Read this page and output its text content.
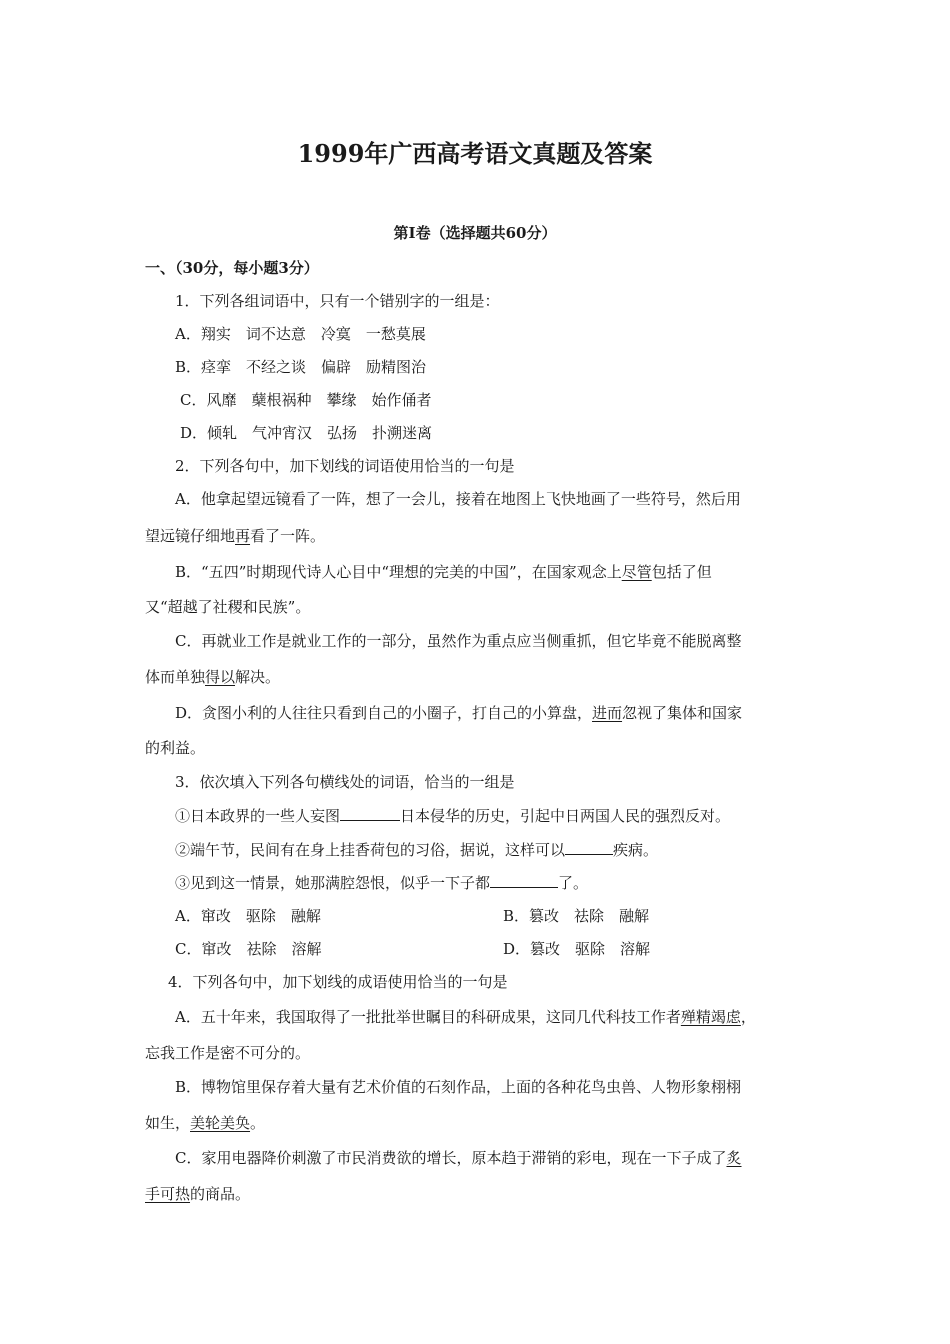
1999年广西高考语文真题及答案
第Ⅰ卷（选择题共60分）
一、（30分，每小题3分）
1．下列各组词语中，只有一个错别字的一组是：
A．翔实　词不达意　冷寞　一愁莫展
B．痉挛　不经之谈　偏辟　励精图治
C．风靡　蘖根祸种　攀缘　始作俑者
D．倾轧　气冲宵汉　弘扬　扑溯迷离
2．下列各句中，加下划线的词语使用恰当的一句是
A．他拿起望远镜看了一阵，想了一会儿，接着在地图上飞快地画了一些符号，然后用
望远镜仔细地再看了一阵。
B．“五四”时期现代诗人心目中“理想的完美的中国”，在国家观念上尽管包括了但
又“超越了社稷和民族”。
C．再就业工作是就业工作的一部分，虽然作为重点应当侧重抓，但它毕竟不能脱离整
体而单独得以解决。
D．贪图小利的人往往只看到自己的小圈子，打自己的小算盘，进而忽视了集体和国家
的利益。
3．依次填入下列各句横线处的词语，恰当的一组是
①日本政界的一些人妄图	日本侵华的历史，引起中日两国人民的强烈反对。
②端午节，民间有在身上挂香荷包的习俗，据说，这样可以	疾病。
③见到这一情景，她那满腔怨恨，似乎一下子都	了。
A．窜改　驱除　融解	B．篡改　祛除　融解
C．窜改　祛除　溶解	D．篡改　驱除　溶解
4．下列各句中，加下划线的成语使用恰当的一句是
A．五十年来，我国取得了一批批举世瞩目的科研成果，这同几代科技工作者殚精竭虑，
忘我工作是密不可分的。
B．博物馆里保存着大量有艺术价值的石刻作品，上面的各种花鸟虫兽、人物形象栩栩
如生，美轮美奂。
C．家用电器降价刺激了市民消费欲的增长，原本趋于滞销的彩电，现在一下子成了炙
手可热的商品。
